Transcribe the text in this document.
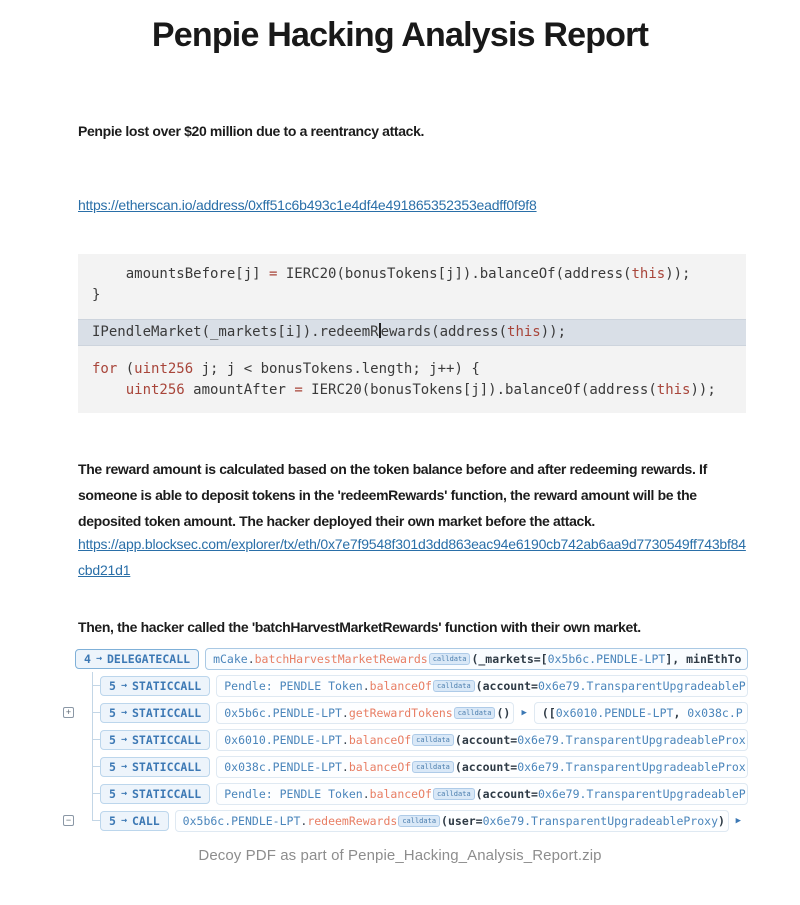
Penpie Hacking Analysis Report
Penpie lost over $20 million due to a reentrancy attack.
https://etherscan.io/address/0xff51c6b493c1e4df4e491865352353eadff0f9f8
amountsBefore[j] = IERC20(bonusTokens[j]).balanceOf(address(this));
}
IPendleMarket(_markets[i]).redeemR ewards(address(this));
for (uint256 j; j < bonusTokens.length; j++) {
uint256 amountAfter = IERC20(bonusTokens[j]).balanceOf(address(this));
The reward amount is calculated based on the token balance before and after redeeming rewards. If someone is able to deposit tokens in the 'redeemRewards' function, the reward amount will be the deposited token amount. The hacker deployed their own market before the attack.
https://app.blocksec.com/explorer/tx/eth/0x7e7f9548f301d3dd863eac94e6190cb742ab6aa9d7730549ff743bf84cbd21d1
Then, the hacker called the 'batchHarvestMarketRewards' function with their own market.
4 → DELEGATECALL	mCake.batchHarvestMarketRewards calldata (_markets=[0x5b6c.PENDLE-LPT], minEthTo
5 → STATICCALL	Pendle: PENDLE Token.balanceOf calldata (account=0x6e79.TransparentUpgradeableP
+	5 → STATICCALL	0x5b6c.PENDLE-LPT.getRewardTokens calldata ()	▶	([0x6010.PENDLE-LPT, 0x038c.P
5 → STATICCALL	0x6010.PENDLE-LPT.balanceOf calldata (account=0x6e79.TransparentUpgradeableProx
5 → STATICCALL	0x038c.PENDLE-LPT.balanceOf calldata (account=0x6e79.TransparentUpgradeableProx
5 → STATICCALL	Pendle: PENDLE Token.balanceOf calldata (account=0x6e79.TransparentUpgradeableP
−	5 → CALL	0x5b6c.PENDLE-LPT.redeemRewards calldata (user=0x6e79.TransparentUpgradeableProxy)	▶
Decoy PDF as part of Penpie_Hacking_Analysis_Report.zip
